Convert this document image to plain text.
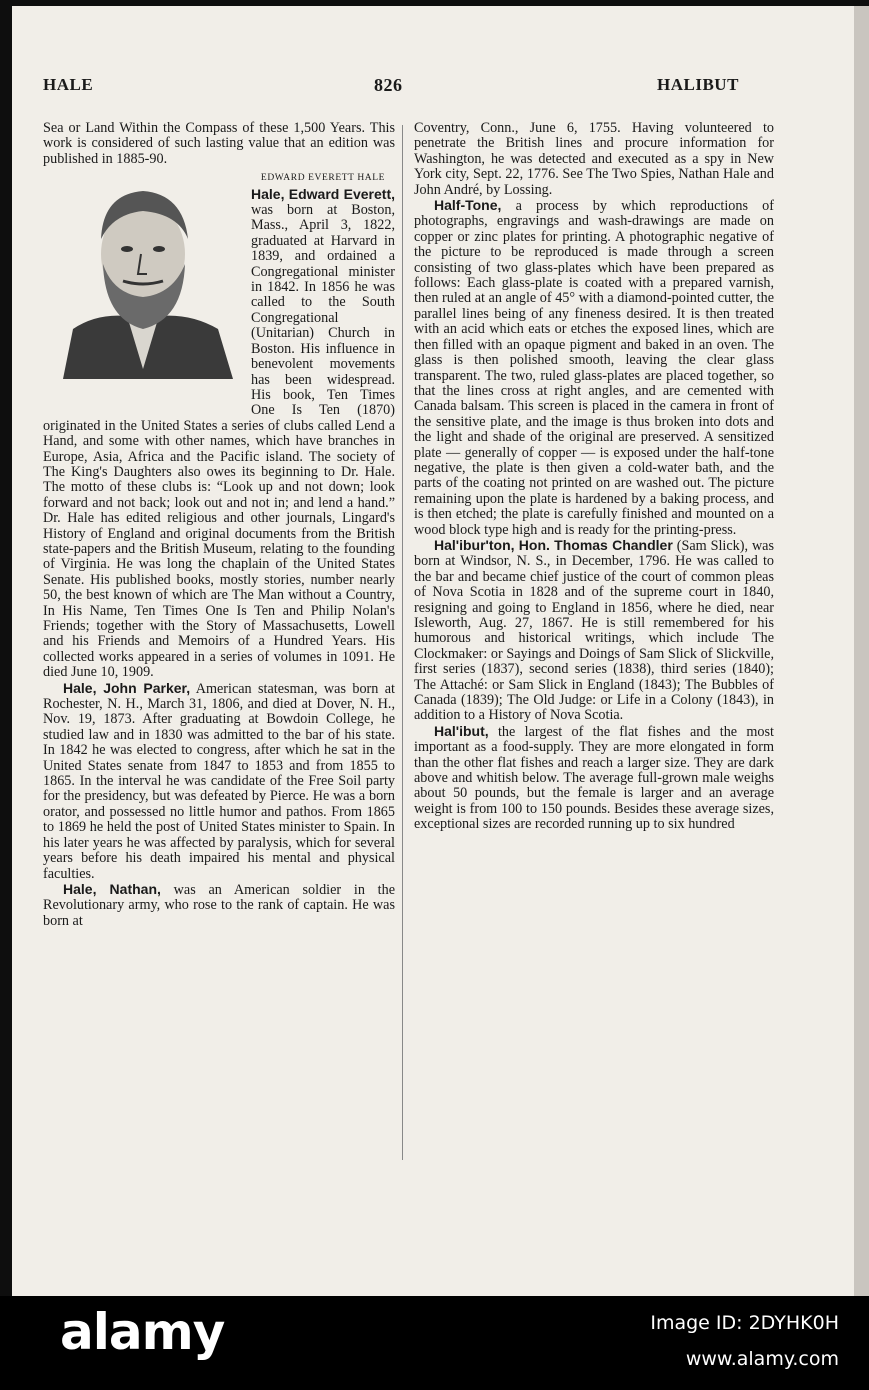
HALE	826	HALIBUT

Sea or Land Within the Compass of these 1,500 Years. This work is considered of such lasting value that an edition was published in 1885-90.

EDWARD EVERETT HALE
Hale, Edward Everett, was born at Boston, Mass., April 3, 1822, graduated at Harvard in 1839, and ordained a Congregational minister in 1842. In 1856 he was called to the South Congregational (Unitarian) Church in Boston. His influence in benevolent movements has been widespread. His book, Ten Times One Is Ten (1870) originated in the United States a series of clubs called Lend a Hand, and some with other names, which have branches in Europe, Asia, Africa and the Pacific island. The society of The King's Daughters also owes its beginning to Dr. Hale. The motto of these clubs is: “Look up and not down; look forward and not back; look out and not in; and lend a hand.” Dr. Hale has edited religious and other journals, Lingard's History of England and original documents from the British state-papers and the British Museum, relating to the founding of Virginia. He was long the chaplain of the United States Senate. His published books, mostly stories, number nearly 50, the best known of which are The Man without a Country, In His Name, Ten Times One Is Ten and Philip Nolan's Friends; together with the Story of Massachusetts, Lowell and his Friends and Memoirs of a Hundred Years. His collected works appeared in a series of volumes in 1091. He died June 10, 1909.

Hale, John Parker, American statesman, was born at Rochester, N. H., March 31, 1806, and died at Dover, N. H., Nov. 19, 1873. After graduating at Bowdoin College, he studied law and in 1830 was admitted to the bar of his state. In 1842 he was elected to congress, after which he sat in the United States senate from 1847 to 1853 and from 1855 to 1865. In the interval he was candidate of the Free Soil party for the presidency, but was defeated by Pierce. He was a born orator, and possessed no little humor and pathos. From 1865 to 1869 he held the post of United States minister to Spain. In his later years he was affected by paralysis, which for several years before his death impaired his mental and physical faculties.

Hale, Nathan, was an American soldier in the Revolutionary army, who rose to the rank of captain. He was born at

Coventry, Conn., June 6, 1755. Having volunteered to penetrate the British lines and procure information for Washington, he was detected and executed as a spy in New York city, Sept. 22, 1776. See The Two Spies, Nathan Hale and John André, by Lossing.

Half-Tone, a process by which reproductions of photographs, engravings and wash-drawings are made on copper or zinc plates for printing. A photographic negative of the picture to be reproduced is made through a screen consisting of two glass-plates which have been prepared as follows: Each glass-plate is coated with a prepared varnish, then ruled at an angle of 45° with a diamond-pointed cutter, the parallel lines being of any fineness desired. It is then treated with an acid which eats or etches the exposed lines, which are then filled with an opaque pigment and baked in an oven. The glass is then polished smooth, leaving the clear glass transparent. The two, ruled glass-plates are placed together, so that the lines cross at right angles, and are cemented with Canada balsam. This screen is placed in the camera in front of the sensitive plate, and the image is thus broken into dots and the light and shade of the original are preserved. A sensitized plate — generally of copper — is exposed under the half-tone negative, the plate is then given a cold-water bath, and the parts of the coating not printed on are washed out. The picture remaining upon the plate is hardened by a baking process, and is then etched; the plate is carefully finished and mounted on a wood block type high and is ready for the printing-press.

Hal'ibur'ton, Hon. Thomas Chandler (Sam Slick), was born at Windsor, N. S., in December, 1796. He was called to the bar and became chief justice of the court of common pleas of Nova Scotia in 1828 and of the supreme court in 1840, resigning and going to England in 1856, where he died, near Isleworth, Aug. 27, 1867. He is still remembered for his humorous and historical writings, which include The Clockmaker: or Sayings and Doings of Sam Slick of Slickville, first series (1837), second series (1838), third series (1840); The Attaché: or Sam Slick in England (1843); The Bubbles of Canada (1839); The Old Judge: or Life in a Colony (1843), in addition to a History of Nova Scotia.

Hal'ibut, the largest of the flat fishes and the most important as a food-supply. They are more elongated in form than the other flat fishes and reach a larger size. They are dark above and whitish below. The average full-grown male weighs about 50 pounds, but the female is larger and an average weight is from 100 to 150 pounds. Besides these average sizes, exceptional sizes are recorded running up to six hundred

alamy	Image ID: 2DYHK0H
www.alamy.com
